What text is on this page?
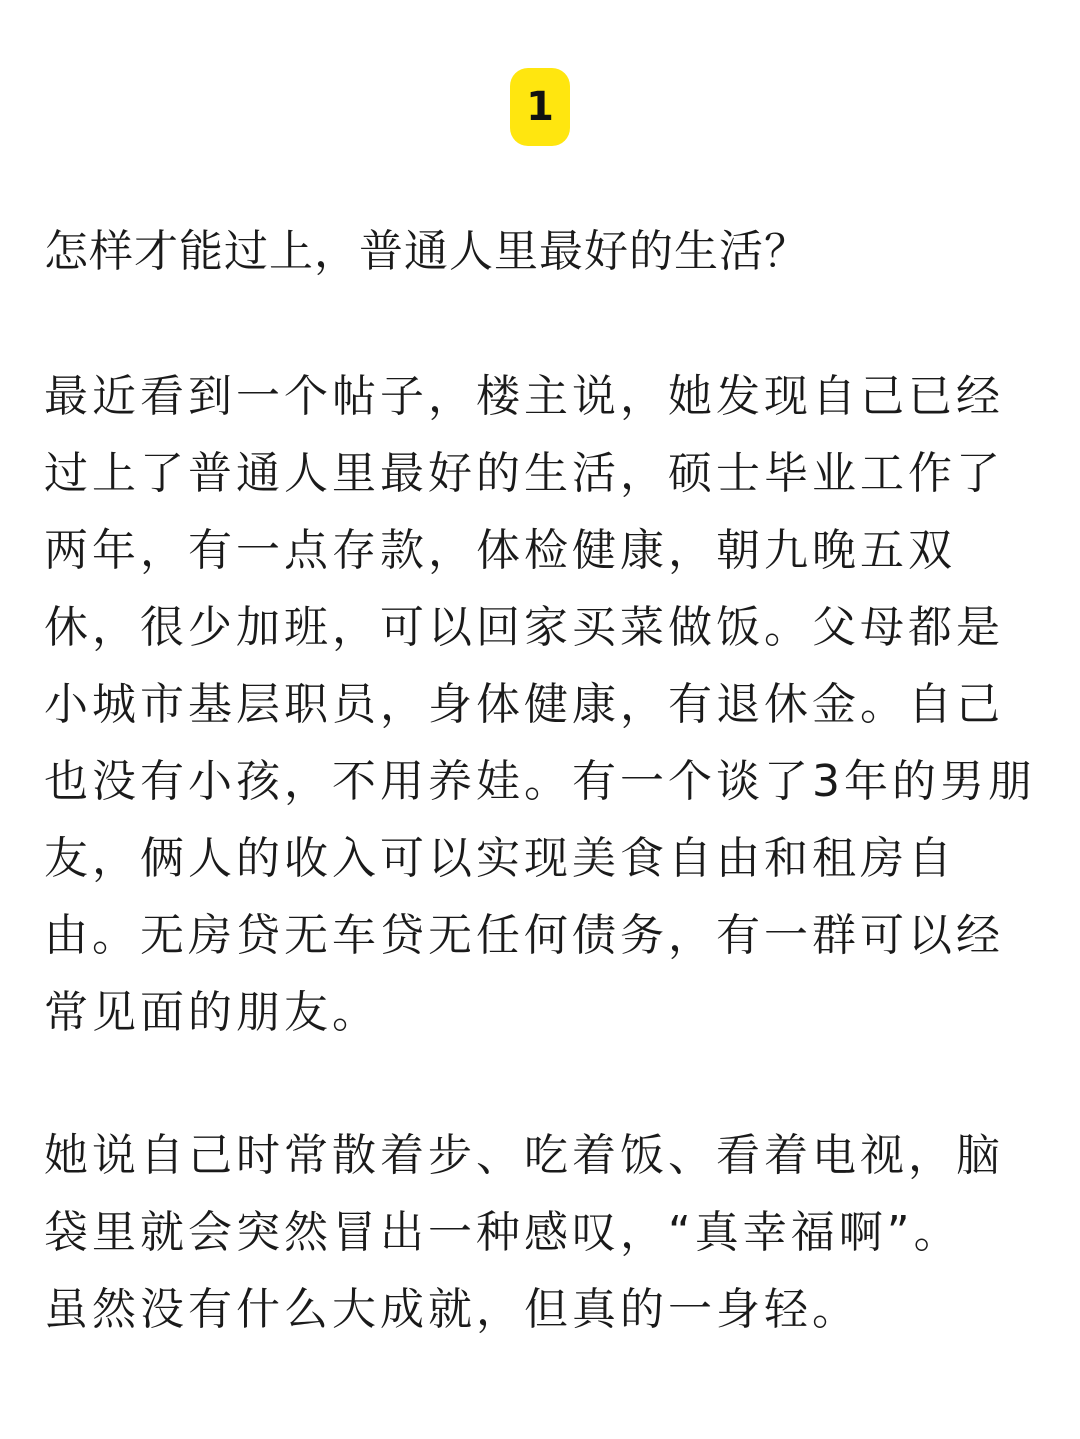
1
怎样才能过上，普通人里最好的生活？

最近看到一个帖子，楼主说，她发现自己已经
过上了普通人里最好的生活，硕士毕业工作了
两年，有一点存款，体检健康，朝九晚五双
休，很少加班，可以回家买菜做饭。父母都是
小城市基层职员，身体健康，有退休金。自己
也没有小孩，不用养娃。有一个谈了3年的男朋
友，俩人的收入可以实现美食自由和租房自
由。无房贷无车贷无任何债务，有一群可以经
常见面的朋友。

她说自己时常散着步、吃着饭、看着电视，脑
袋里就会突然冒出一种感叹，“真幸福啊”。
虽然没有什么大成就，但真的一身轻。
